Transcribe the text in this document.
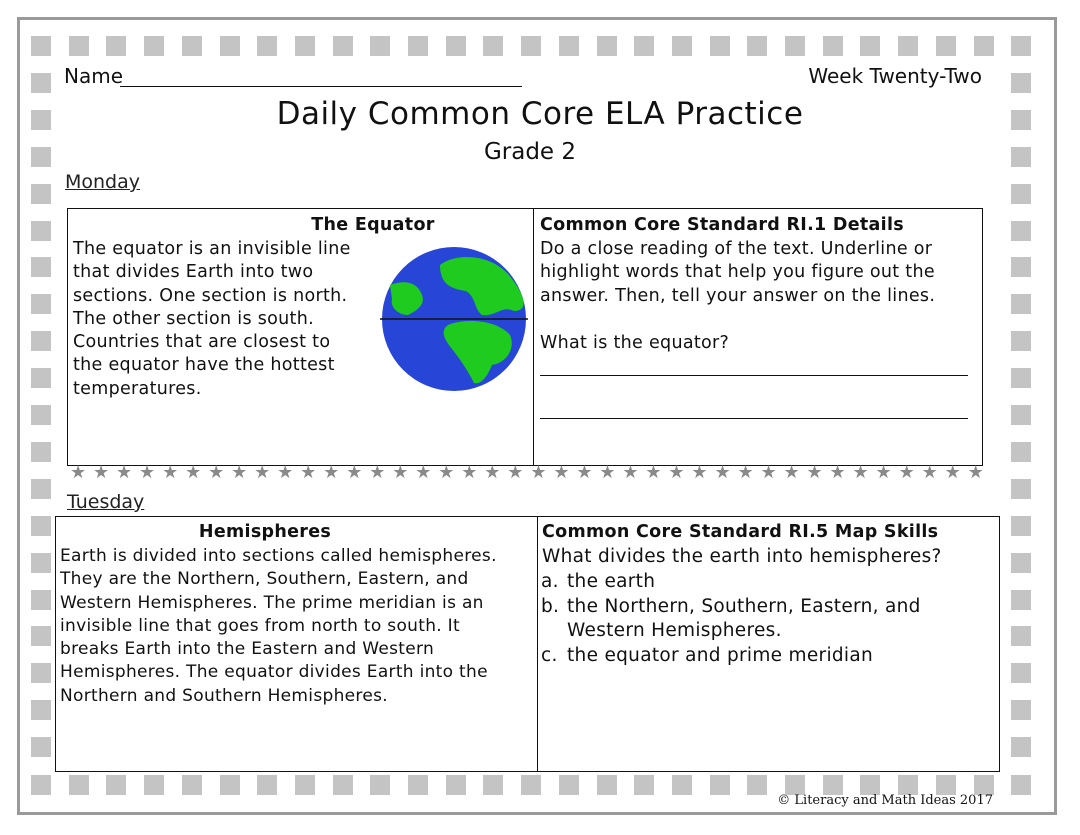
Name	Week Twenty-Two
Daily Common Core ELA Practice
Grade 2
Monday
The Equator
The equator is an invisible line
that divides Earth into two
sections. One section is north.
The other section is south.
Countries that are closest to
the equator have the hottest
temperatures.
Common Core Standard RI.1 Details
Do a close reading of the text. Underline or
highlight words that help you figure out the
answer. Then, tell your answer on the lines.
What is the equator?
★ ★ ★ ★ ★ ★ ★ ★ ★ ★ ★ ★ ★ ★ ★ ★ ★ ★ ★ ★ ★ ★ ★ ★ ★ ★ ★ ★ ★ ★ ★ ★ ★ ★ ★ ★ ★ ★ ★ ★
Tuesday
Hemispheres
Earth is divided into sections called hemispheres.
They are the Northern, Southern, Eastern, and
Western Hemispheres. The prime meridian is an
invisible line that goes from north to south. It
breaks Earth into the Eastern and Western
Hemispheres. The equator divides Earth into the
Northern and Southern Hemispheres.
Common Core Standard RI.5 Map Skills
What divides the earth into hemispheres?
a. the earth
b. the Northern, Southern, Eastern, and
Western Hemispheres.
c. the equator and prime meridian
© Literacy and Math Ideas 2017
